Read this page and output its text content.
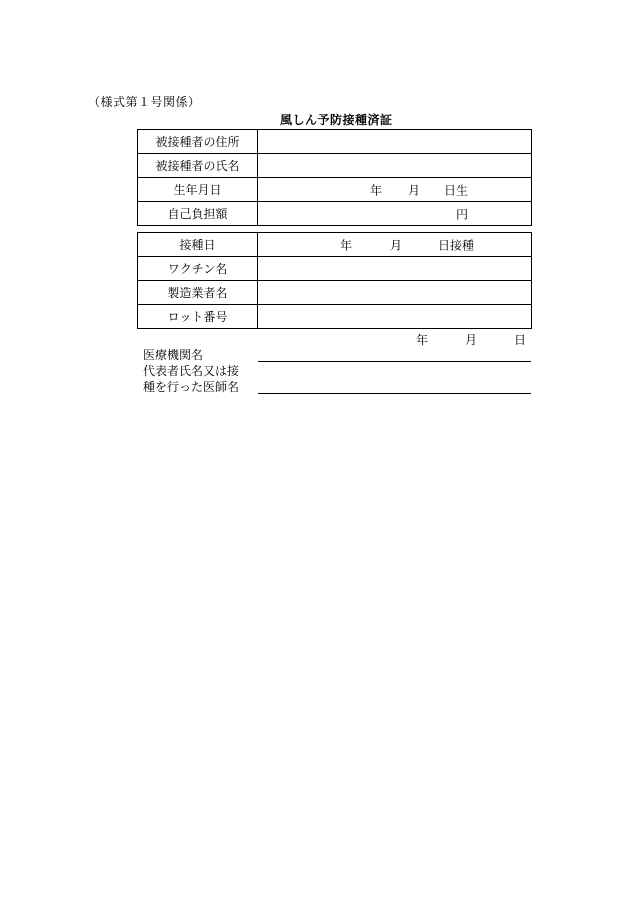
（様式第１号関係）
風しん予防接種済証
被接種者の住所	
被接種者の氏名	
生年月日	年 月 日生

自己負担額	円
接種日	年 月 日接種

ワクチン名	
製造業者名	
ロット番号	
年	月	日
医療機関名
代表者氏名又は接
種を行った医師名
